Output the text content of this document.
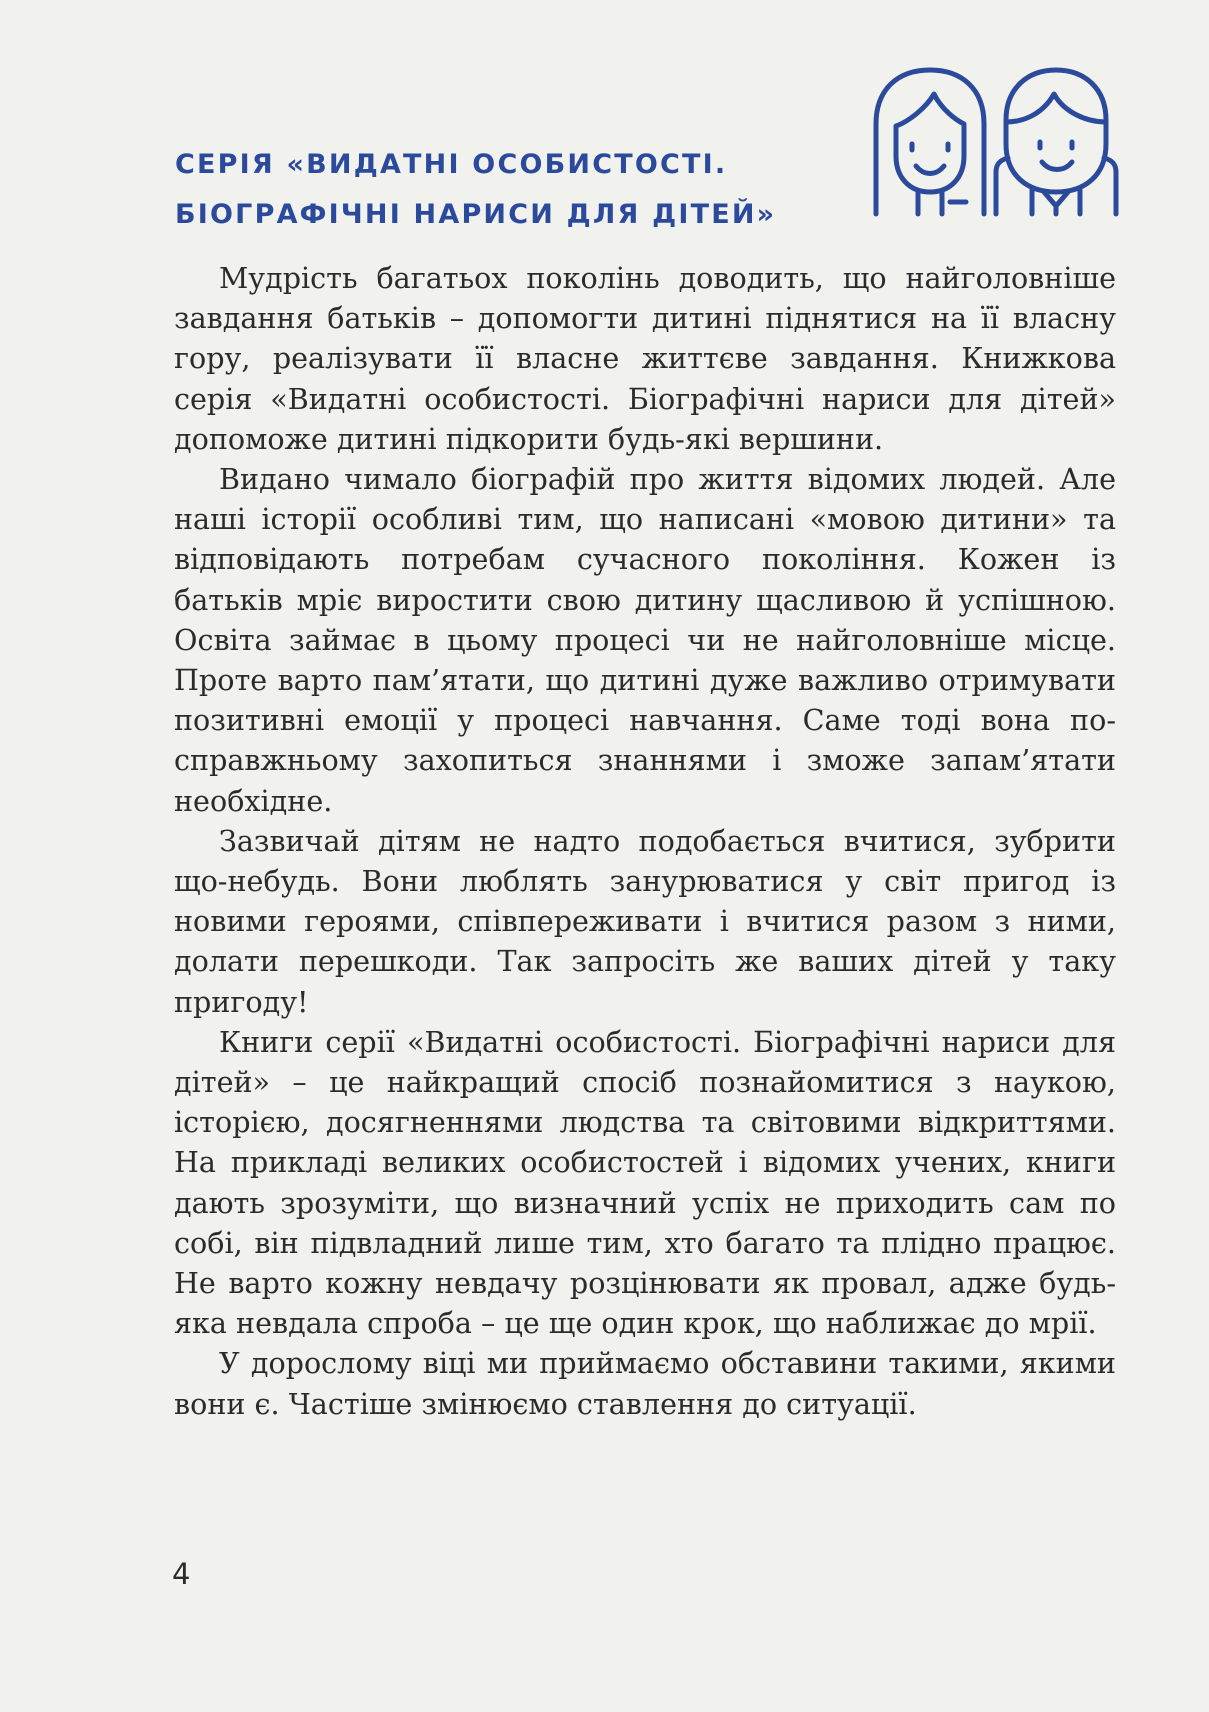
СЕРІЯ «ВИДАТНІ ОСОБИСТОСТІ.
БІОГРАФІЧНІ НАРИСИ ДЛЯ ДІТЕЙ»

Мудрість багатьох поколінь доводить, що найголовніше завдання батьків – допомогти дитині піднятися на її власну гору, реалізувати її власне життєве завдання. Книжкова серія «Видатні особистості. Біографічні нариси для дітей» допоможе дитині підкорити будь-які вершини.

Видано чимало біографій про життя відомих людей. Але наші історії особливі тим, що написані «мовою дитини» та відповідають потребам сучасного покоління. Кожен із батьків мріє виростити свою дитину щасливою й успішною. Освіта займає в цьому процесі чи не найголовніше місце. Проте варто пам’ятати, що дитині дуже важливо отримувати позитивні емоції у процесі навчання. Саме тоді вона по-справжньому захопиться знаннями і зможе запам’ятати необхідне.

Зазвичай дітям не надто подобається вчитися, зубрити що-небудь. Вони люблять занурюватися у світ пригод із новими героями, співпереживати і вчитися разом з ними, долати перешкоди. Так запросіть же ваших дітей у таку пригоду!

Книги серії «Видатні особистості. Біографічні нариси для дітей» – це найкращий спосіб познайомитися з наукою, історією, досягненнями людства та світовими відкриттями. На прикладі великих особистостей і відомих учених, книги дають зрозуміти, що визначний успіх не приходить сам по собі, він підвладний лише тим, хто багато та плідно працює. Не варто кожну невдачу розцінювати як провал, адже будь-яка невдала спроба – це ще один крок, що наближає до мрії.

У дорослому віці ми приймаємо обставини такими, якими вони є. Частіше змінюємо ставлення до ситуації.

4
